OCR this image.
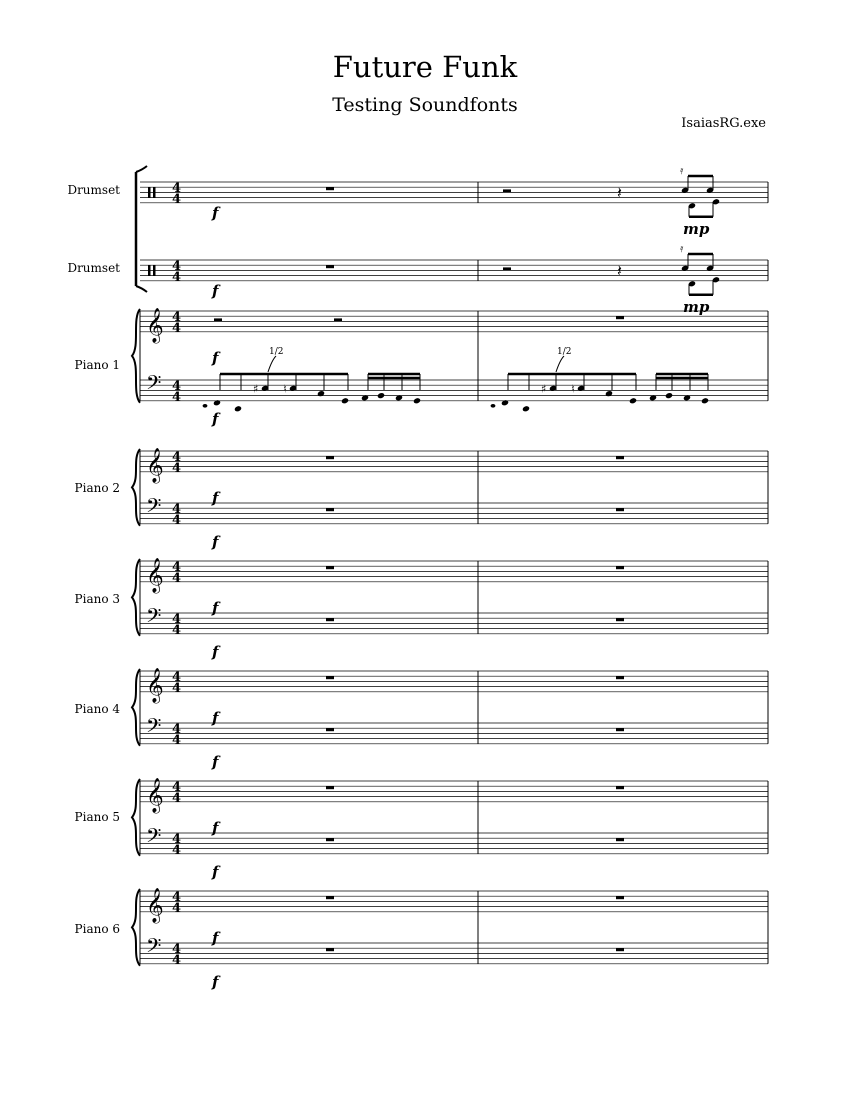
Future Funk
Testing Soundfonts
IsaiasRG.exe
Drumset
Drumset
Piano 1
Piano 2
Piano 3
Piano 4
Piano 5
Piano 6
4
4	𝄽
𝄿
f
mp
4
4	𝄽
𝄿
f
mp
𝄞
𝄢
4
4
4
4
f
f
𝄞
𝄢
4
4
4
4
f
f
𝄞
𝄢
4
4
4
4
f
f
𝄞
𝄢
4
4
4
4
f
f
𝄞
𝄢
4
4
4
4
f
f
𝄞
𝄢
4
4
4
4
f
f
♯ ♮
1/2
♯ ♮
1/2
